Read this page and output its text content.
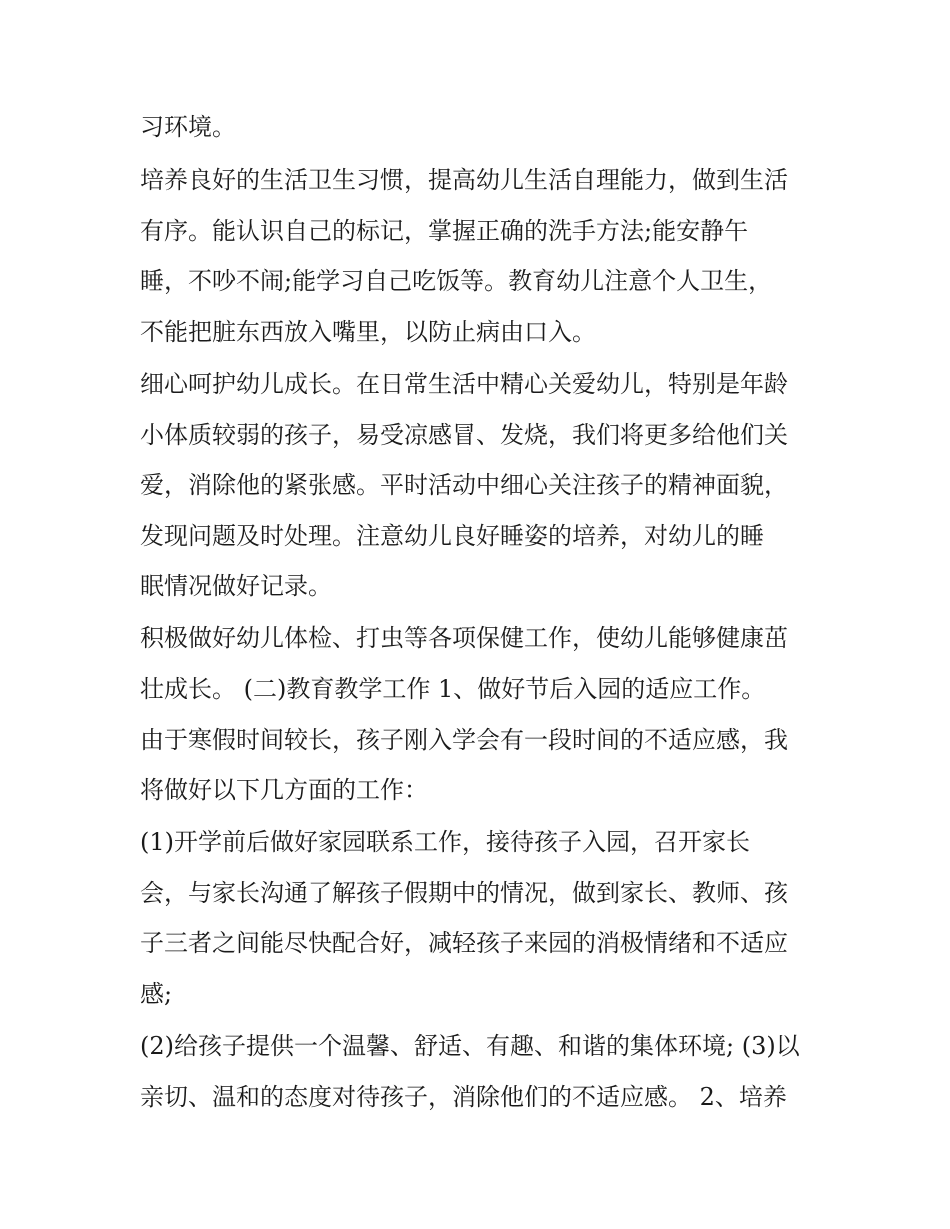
习环境。
培养良好的生活卫生习惯，提高幼儿生活自理能力，做到生活
有序。能认识自己的标记，掌握正确的洗手方法;能安静午
睡，不吵不闹;能学习自己吃饭等。教育幼儿注意个人卫生，
不能把脏东西放入嘴里，以防止病由口入。
细心呵护幼儿成长。在日常生活中精心关爱幼儿，特别是年龄
小体质较弱的孩子，易受凉感冒、发烧，我们将更多给他们关
爱，消除他的紧张感。平时活动中细心关注孩子的精神面貌，
发现问题及时处理。注意幼儿良好睡姿的培养，对幼儿的睡
眠情况做好记录。
积极做好幼儿体检、打虫等各项保健工作，使幼儿能够健康茁
壮成长。 (二)教育教学工作 1、做好节后入园的适应工作。
由于寒假时间较长，孩子刚入学会有一段时间的不适应感，我
将做好以下几方面的工作：
(1)开学前后做好家园联系工作，接待孩子入园，召开家长
会，与家长沟通了解孩子假期中的情况，做到家长、教师、孩
子三者之间能尽快配合好，减轻孩子来园的消极情绪和不适应
感;
(2)给孩子提供一个温馨、舒适、有趣、和谐的集体环境; (3)以
亲切、温和的态度对待孩子，消除他们的不适应感。 2、培养
